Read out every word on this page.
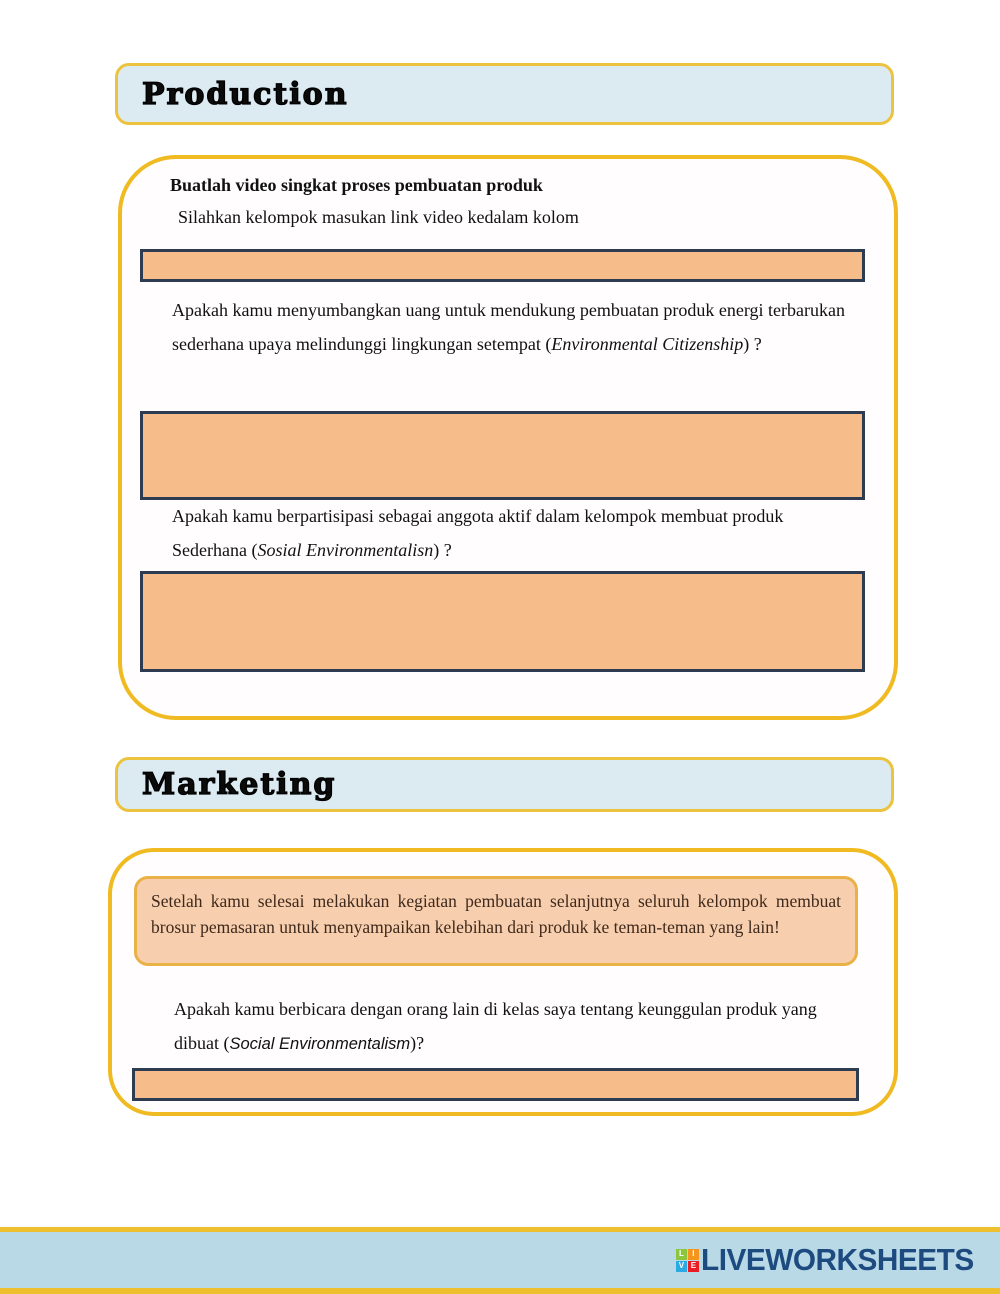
Production
Buatlah video singkat proses pembuatan produk
Silahkan kelompok masukan link video kedalam kolom
Apakah kamu menyumbangkan uang untuk mendukung pembuatan produk energi terbarukan sederhana upaya melindunggi lingkungan setempat (Environmental Citizenship) ?
Apakah kamu berpartisipasi sebagai anggota aktif dalam kelompok membuat produk Sederhana (Sosial Environmentalisn) ?
Marketing
Setelah kamu selesai melakukan kegiatan pembuatan selanjutnya seluruh kelompok membuat brosur pemasaran untuk menyampaikan kelebihan dari produk ke teman-teman yang lain!
Apakah kamu berbicara dengan orang lain di kelas saya tentang keunggulan produk yang dibuat (Social Environmentalism)?
L	I
V E LIVEWORKSHEETS
